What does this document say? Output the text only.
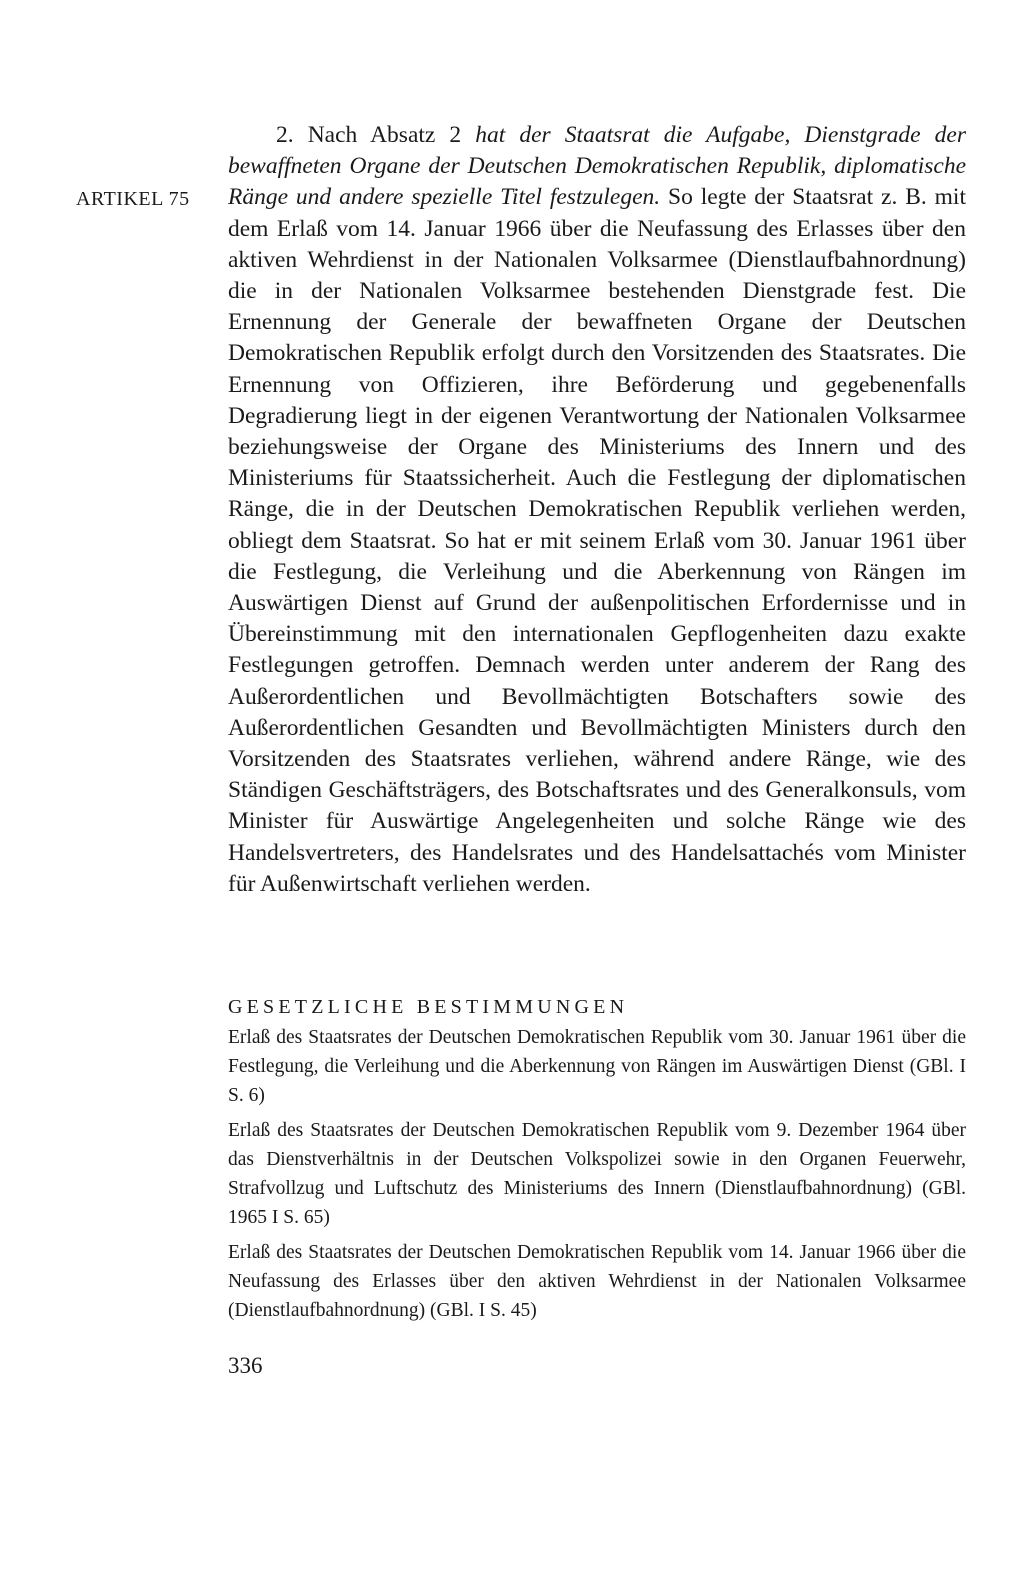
ARTIKEL 75

2. Nach Absatz 2 hat der Staatsrat die Aufgabe, Dienstgrade der bewaffneten Organe der Deutschen Demokratischen Republik, diplomatische Ränge und andere spezielle Titel festzulegen. So legte der Staatsrat z. B. mit dem Erlaß vom 14. Januar 1966 über die Neufassung des Erlasses über den aktiven Wehrdienst in der Nationalen Volksarmee (Dienstlaufbahnordnung) die in der Nationalen Volksarmee bestehenden Dienstgrade fest. Die Ernennung der Generale der bewaffneten Organe der Deutschen Demokratischen Republik erfolgt durch den Vorsitzenden des Staatsrates. Die Ernennung von Offizieren, ihre Beförderung und gegebenenfalls Degradierung liegt in der eigenen Verantwortung der Nationalen Volksarmee beziehungsweise der Organe des Ministeriums des Innern und des Ministeriums für Staatssicherheit. Auch die Festlegung der diplomatischen Ränge, die in der Deutschen Demokratischen Republik verliehen werden, obliegt dem Staatsrat. So hat er mit seinem Erlaß vom 30. Januar 1961 über die Festlegung, die Verleihung und die Aberkennung von Rängen im Auswärtigen Dienst auf Grund der außenpolitischen Erfordernisse und in Übereinstimmung mit den internationalen Gepflogenheiten dazu exakte Festlegungen getroffen. Demnach werden unter anderem der Rang des Außerordentlichen und Bevollmächtigten Botschafters sowie des Außerordentlichen Gesandten und Bevollmächtigten Ministers durch den Vorsitzenden des Staatsrates verliehen, während andere Ränge, wie des Ständigen Geschäftsträgers, des Botschaftsrates und des Generalkonsuls, vom Minister für Auswärtige Angelegenheiten und solche Ränge wie des Handelsvertreters, des Handelsrates und des Handelsattachés vom Minister für Außenwirtschaft verliehen werden.

GESETZLICHE BESTIMMUNGEN

Erlaß des Staatsrates der Deutschen Demokratischen Republik vom 30. Januar 1961 über die Festlegung, die Verleihung und die Aberkennung von Rängen im Auswärtigen Dienst (GBl. I S. 6)

Erlaß des Staatsrates der Deutschen Demokratischen Republik vom 9. Dezember 1964 über das Dienstverhältnis in der Deutschen Volkspolizei sowie in den Organen Feuerwehr, Strafvollzug und Luftschutz des Ministeriums des Innern (Dienstlaufbahnordnung) (GBl. 1965 I S. 65)

Erlaß des Staatsrates der Deutschen Demokratischen Republik vom 14. Januar 1966 über die Neufassung des Erlasses über den aktiven Wehrdienst in der Nationalen Volksarmee (Dienstlaufbahnordnung) (GBl. I S. 45)

336
